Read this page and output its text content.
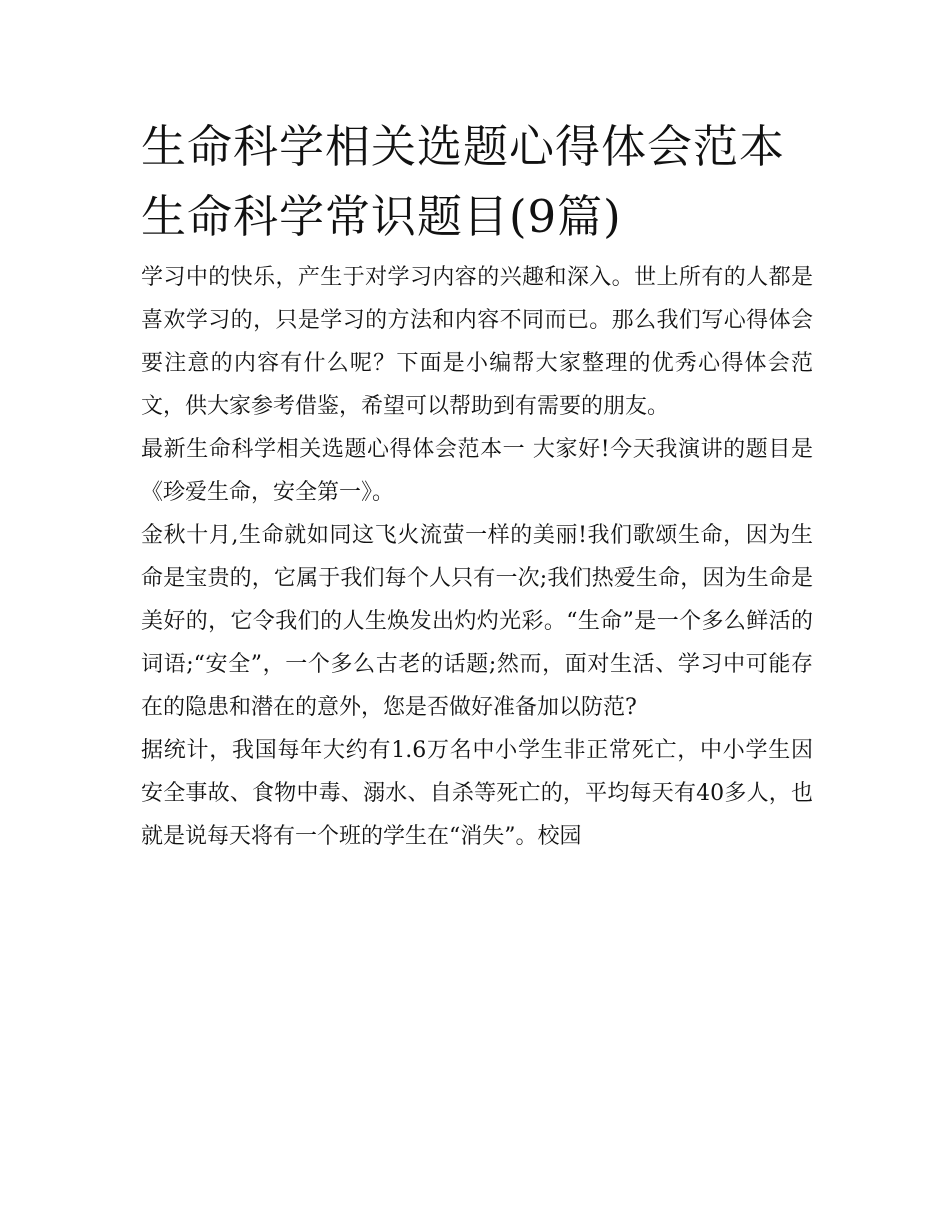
生命科学相关选题心得体会范本 生命科学常识题目(9篇)

学习中的快乐，产生于对学习内容的兴趣和深入。世上所有的人都是喜欢学习的，只是学习的方法和内容不同而已。那么我们写心得体会要注意的内容有什么呢？下面是小编帮大家整理的优秀心得体会范文，供大家参考借鉴，希望可以帮助到有需要的朋友。

最新生命科学相关选题心得体会范本一 大家好!今天我演讲的题目是《珍爱生命，安全第一》。

金秋十月,生命就如同这飞火流萤一样的美丽!我们歌颂生命，因为生命是宝贵的，它属于我们每个人只有一次;我们热爱生命，因为生命是美好的，它令我们的人生焕发出灼灼光彩。“生命”是一个多么鲜活的词语;“安全”，一个多么古老的话题;然而，面对生活、学习中可能存在的隐患和潜在的意外，您是否做好准备加以防范?

据统计，我国每年大约有1.6万名中小学生非正常死亡，中小学生因安全事故、食物中毒、溺水、自杀等死亡的，平均每天有40多人，也就是说每天将有一个班的学生在“消失”。校园
